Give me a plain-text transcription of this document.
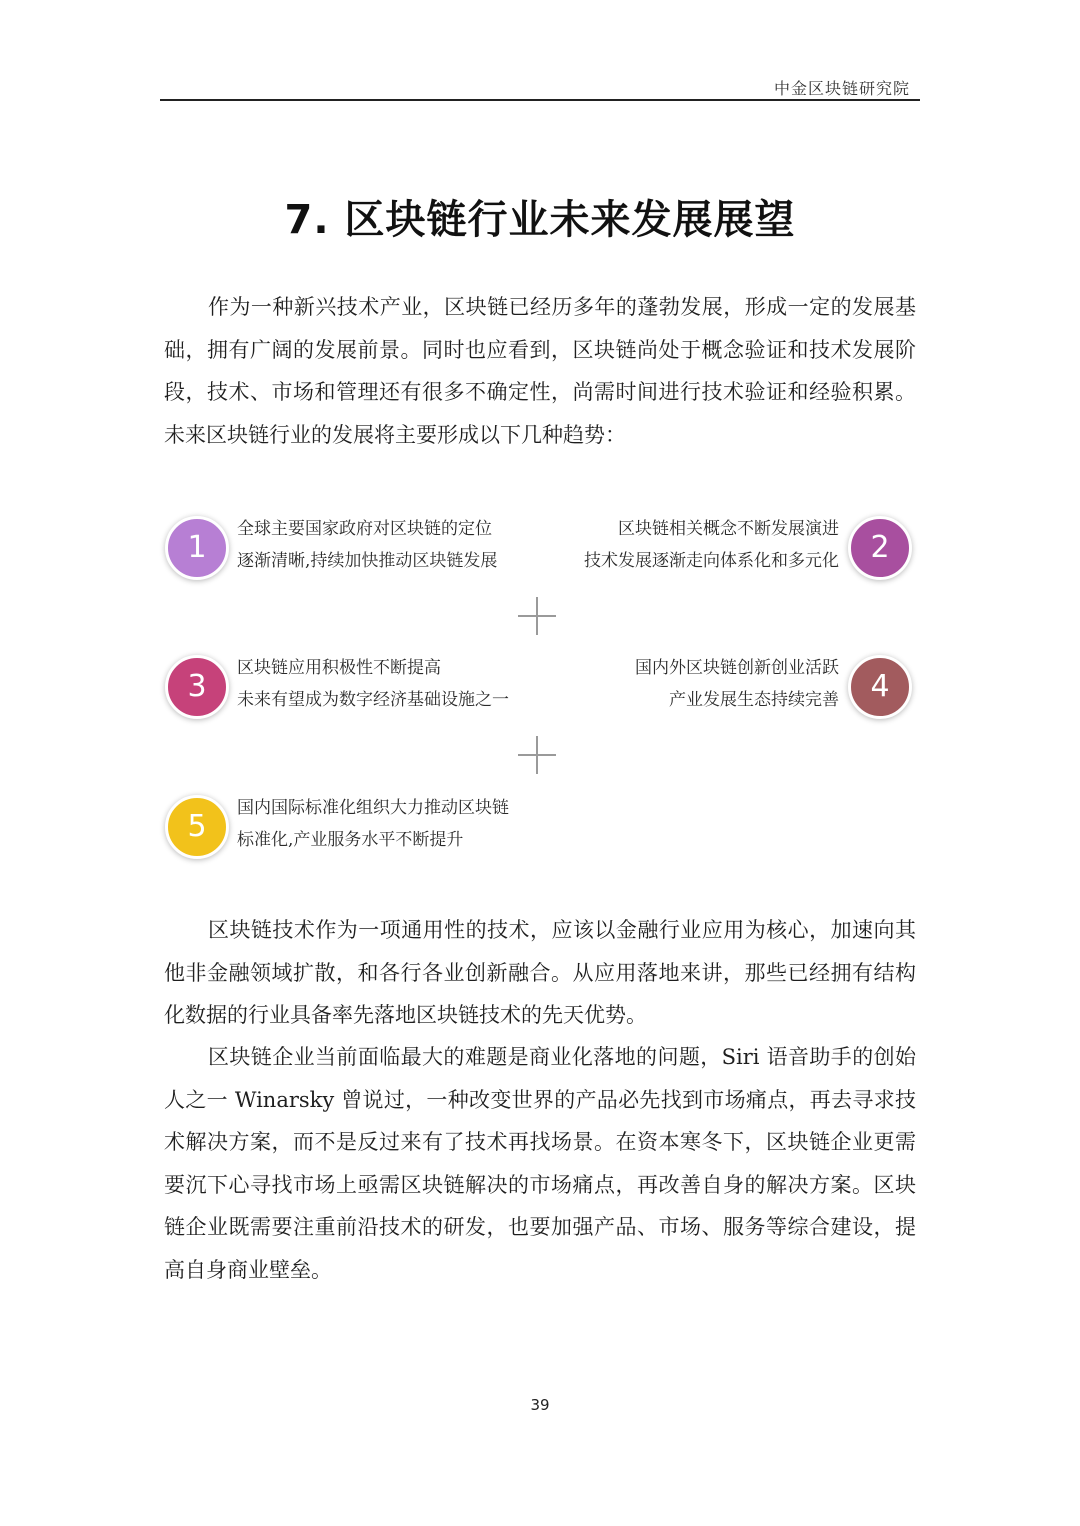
中金区块链研究院
7. 区块链行业未来发展展望

作为一种新兴技术产业，区块链已经历多年的蓬勃发展，形成一定的发展基础，拥有广阔的发展前景。同时也应看到，区块链尚处于概念验证和技术发展阶段，技术、市场和管理还有很多不确定性，尚需时间进行技术验证和经验积累。未来区块链行业的发展将主要形成以下几种趋势：

1
全球主要国家政府对区块链的定位
逐渐清晰,持续加快推动区块链发展
区块链相关概念不断发展演进
技术发展逐渐走向体系化和多元化	2
3
区块链应用积极性不断提高
未来有望成为数字经济基础设施之一
国内外区块链创新创业活跃
产业发展生态持续完善	4
5
国内国际标准化组织大力推动区块链
标准化,产业服务水平不断提升

区块链技术作为一项通用性的技术，应该以金融行业应用为核心，加速向其他非金融领域扩散，和各行各业创新融合。从应用落地来讲，那些已经拥有结构化数据的行业具备率先落地区块链技术的先天优势。

区块链企业当前面临最大的难题是商业化落地的问题，Siri 语音助手的创始人之一 Winarsky 曾说过，一种改变世界的产品必先找到市场痛点，再去寻求技术解决方案，而不是反过来有了技术再找场景。在资本寒冬下，区块链企业更需要沉下心寻找市场上亟需区块链解决的市场痛点，再改善自身的解决方案。区块链企业既需要注重前沿技术的研发，也要加强产品、市场、服务等综合建设，提高自身商业壁垒。

39
